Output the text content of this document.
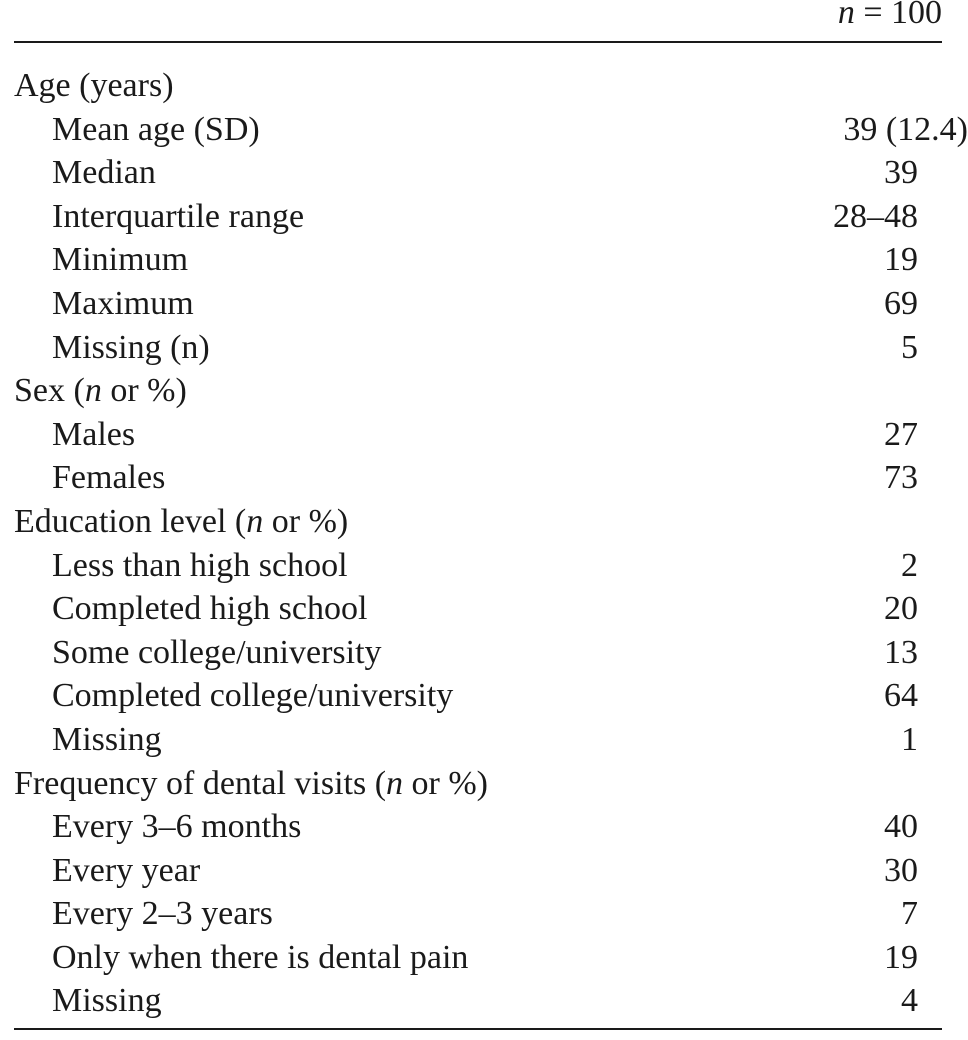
n = 100
Age (years)
Mean age (SD)	39 (12.4)
Median	39
Interquartile range	28–48
Minimum	19
Maximum	69
Missing (n)	5
Sex (n or %)
Males	27
Females	73
Education level (n or %)
Less than high school	2
Completed high school	20
Some college/university	13
Completed college/university	64
Missing	1
Frequency of dental visits (n or %)
Every 3–6 months	40
Every year	30
Every 2–3 years	7
Only when there is dental pain	19
Missing	4
